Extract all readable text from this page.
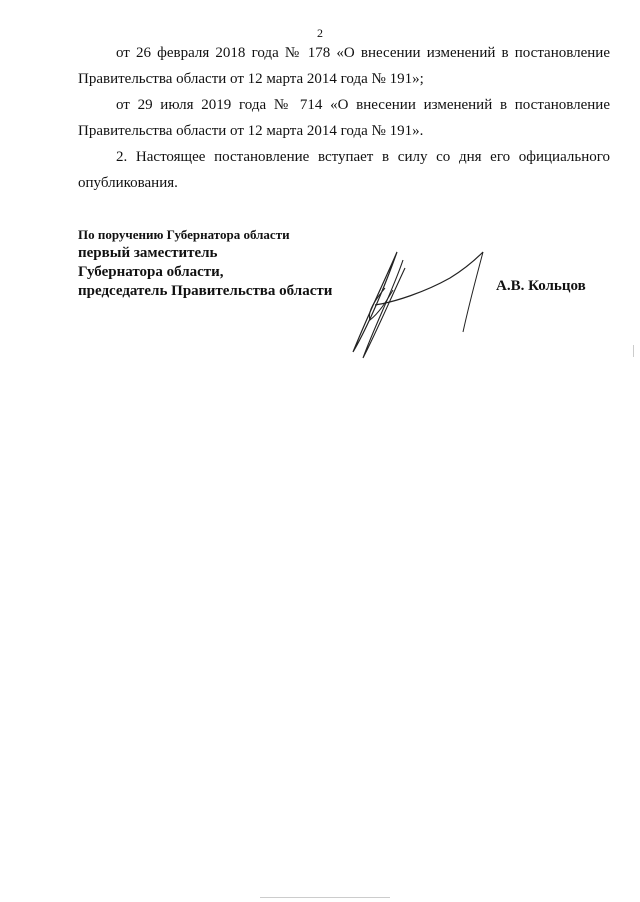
2

от 26 февраля 2018 года № 178 «О внесении изменений в постановление Правительства области от 12 марта 2014 года № 191»;

от 29 июля 2019 года № 714 «О внесении изменений в постановление Правительства области от 12 марта 2014 года № 191».

2. Настоящее постановление вступает в силу со дня его официального опубликования.

По поручению Губернатора области
первый заместитель
Губернатора области,
председатель Правительства области	А.В. Кольцов
